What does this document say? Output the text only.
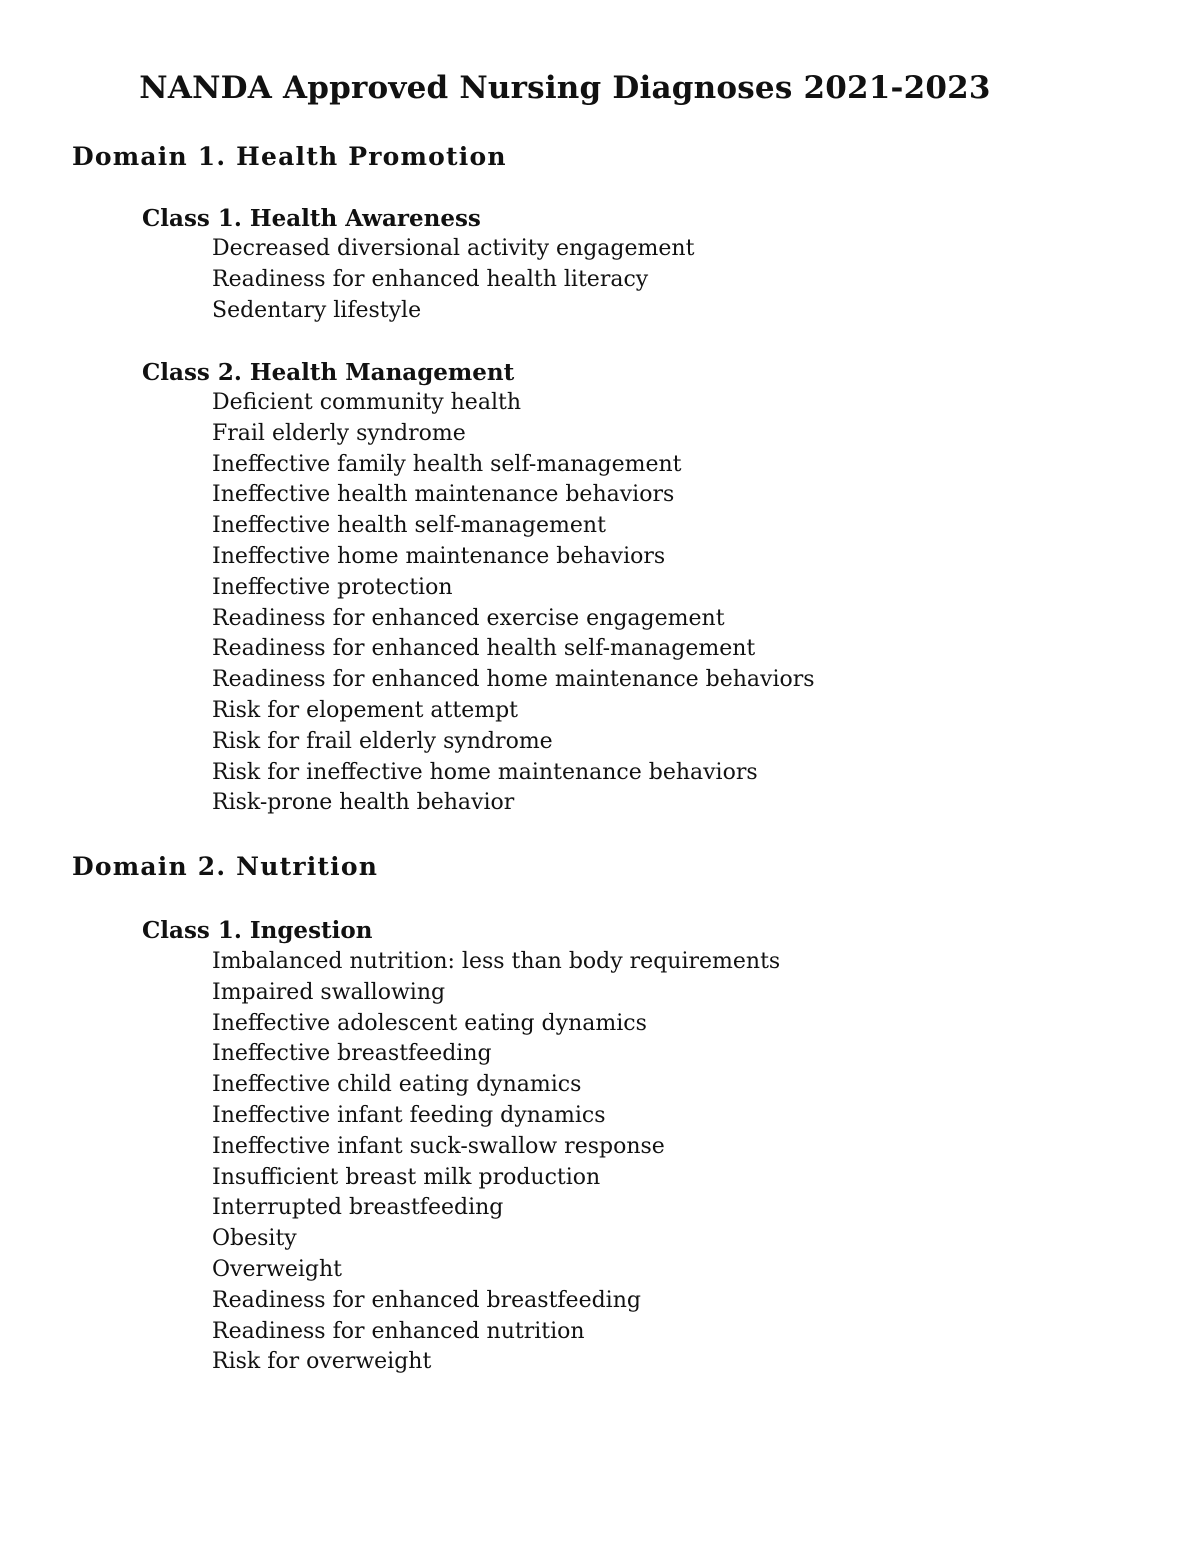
NANDA Approved Nursing Diagnoses 2021-2023
Domain 1. Health Promotion
Class 1. Health Awareness
Decreased diversional activity engagement
Readiness for enhanced health literacy
Sedentary lifestyle
Class 2. Health Management
Deficient community health
Frail elderly syndrome
Ineffective family health self-management
Ineffective health maintenance behaviors
Ineffective health self-management
Ineffective home maintenance behaviors
Ineffective protection
Readiness for enhanced exercise engagement
Readiness for enhanced health self-management
Readiness for enhanced home maintenance behaviors
Risk for elopement attempt
Risk for frail elderly syndrome
Risk for ineffective home maintenance behaviors
Risk-prone health behavior
Domain 2. Nutrition
Class 1. Ingestion
Imbalanced nutrition: less than body requirements
Impaired swallowing
Ineffective adolescent eating dynamics
Ineffective breastfeeding
Ineffective child eating dynamics
Ineffective infant feeding dynamics
Ineffective infant suck-swallow response
Insufficient breast milk production
Interrupted breastfeeding
Obesity
Overweight
Readiness for enhanced breastfeeding
Readiness for enhanced nutrition
Risk for overweight
